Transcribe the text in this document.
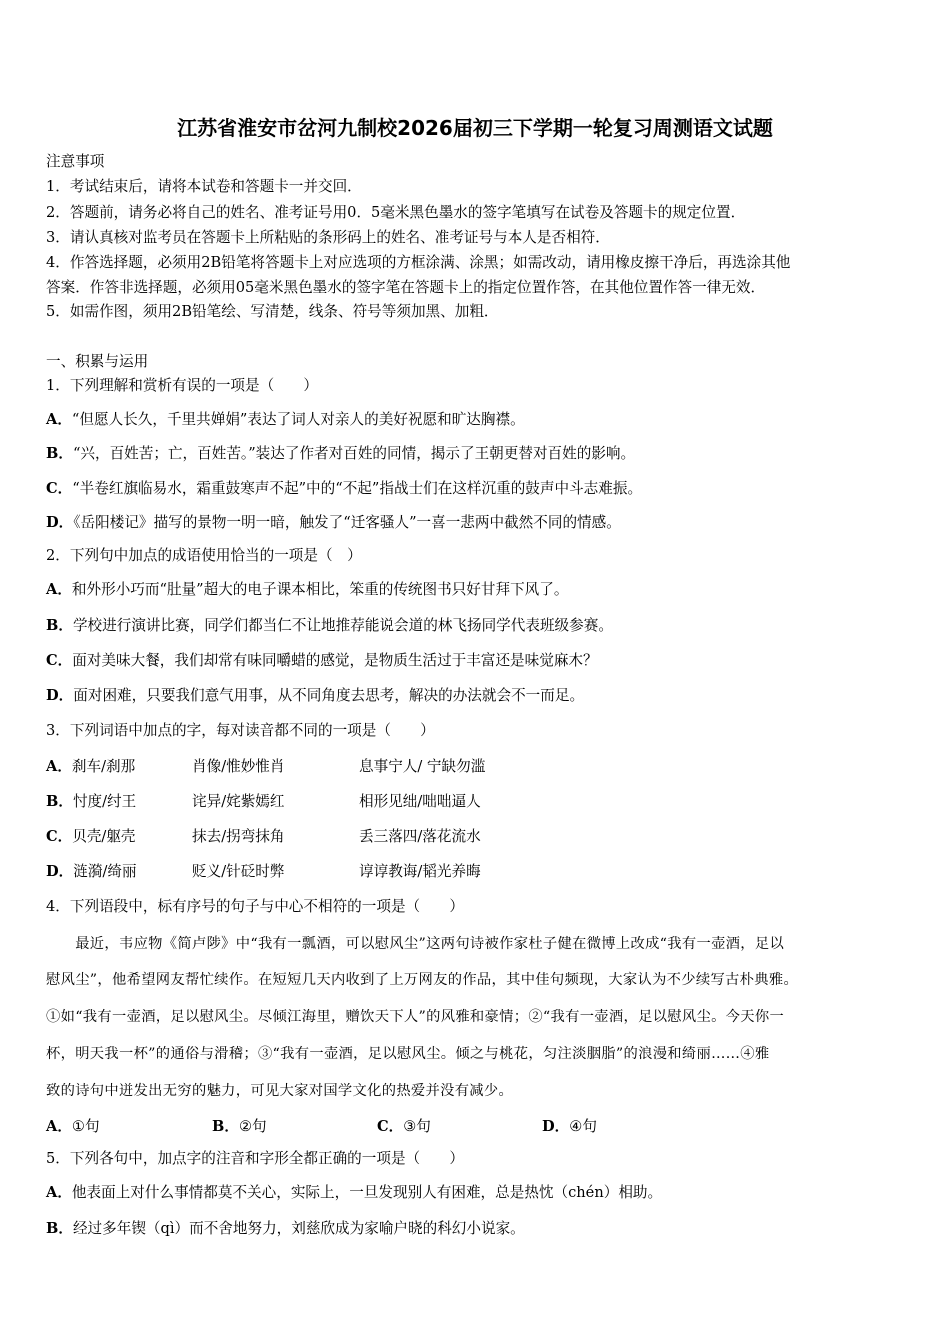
江苏省淮安市岔河九制校2026届初三下学期一轮复习周测语文试题
注意事项
1．考试结束后，请将本试卷和答题卡一并交回．
2．答题前，请务必将自己的姓名、准考证号用0．5毫米黑色墨水的签字笔填写在试卷及答题卡的规定位置．
3．请认真核对监考员在答题卡上所粘贴的条形码上的姓名、准考证号与本人是否相符．
4．作答选择题，必须用2B铅笔将答题卡上对应选项的方框涂满、涂黑；如需改动，请用橡皮擦干净后，再选涂其他
答案．作答非选择题，必须用05毫米黑色墨水的签字笔在答题卡上的指定位置作答，在其他位置作答一律无效．
5．如需作图，须用2B铅笔绘、写清楚，线条、符号等须加黑、加粗．
一、积累与运用
1．下列理解和赏析有误的一项是（　　）
A．“但愿人长久，千里共婵娟”表达了词人对亲人的美好祝愿和旷达胸襟。
B．“兴，百姓苦；亡，百姓苦。”装达了作者对百姓的同情，揭示了王朝更替对百姓的影响。
C．“半卷红旗临易水，霜重鼓寒声不起”中的“不起”指战士们在这样沉重的鼓声中斗志难振。
D．《岳阳楼记》描写的景物一明一暗，触发了“迁客骚人”一喜一悲两中截然不同的情感。
2．下列句中加点的成语使用恰当的一项是（　）
A．和外形小巧而“肚量”超大的电子课本相比，笨重的传统图书只好甘拜下风了。
B．学校进行演讲比赛，同学们都当仁不让地推荐能说会道的林飞扬同学代表班级参赛。
C．面对美味大餐，我们却常有味同嚼蜡的感觉，是物质生活过于丰富还是味觉麻木？
D．面对困难，只要我们意气用事，从不同角度去思考，解决的办法就会不一而足。
3．下列词语中加点的字，每对读音都不同的一项是（　　）
A．刹车/刹那	肖像/惟妙惟肖	息事宁人/ 宁缺勿滥
B．忖度/纣王	诧异/姹紫嫣红	相形见绌/咄咄逼人
C．贝壳/躯壳	抹去/拐弯抹角	丢三落四/落花流水
D．涟漪/绮丽	贬义/针砭时弊	谆谆教诲/韬光养晦
4．下列语段中，标有序号的句子与中心不相符的一项是（　　）
　　最近，韦应物《简卢陟》中“我有一瓢酒，可以慰风尘”这两句诗被作家杜子健在微博上改成“我有一壶酒，足以
慰风尘”，他希望网友帮忙续作。在短短几天内收到了上万网友的作品，其中佳句频现，大家认为不少续写古朴典雅。
①如“我有一壶酒，足以慰风尘。尽倾江海里，赠饮天下人”的风雅和豪情；②“我有一壶酒，足以慰风尘。今天你一
杯，明天我一杯”的通俗与滑稽；③“我有一壶酒，足以慰风尘。倾之与桃花，匀注淡胭脂”的浪漫和绮丽……④雅
致的诗句中迸发出无穷的魅力，可见大家对国学文化的热爱并没有减少。
A．①句	B．②句	C．③句	D．④句
5．下列各句中，加点字的注音和字形全都正确的一项是（　　）
A．他表面上对什么事情都莫不关心，实际上，一旦发现别人有困难，总是热忱（chén）相助。
B．经过多年锲（qì）而不舍地努力，刘慈欣成为家喻户晓的科幻小说家。
